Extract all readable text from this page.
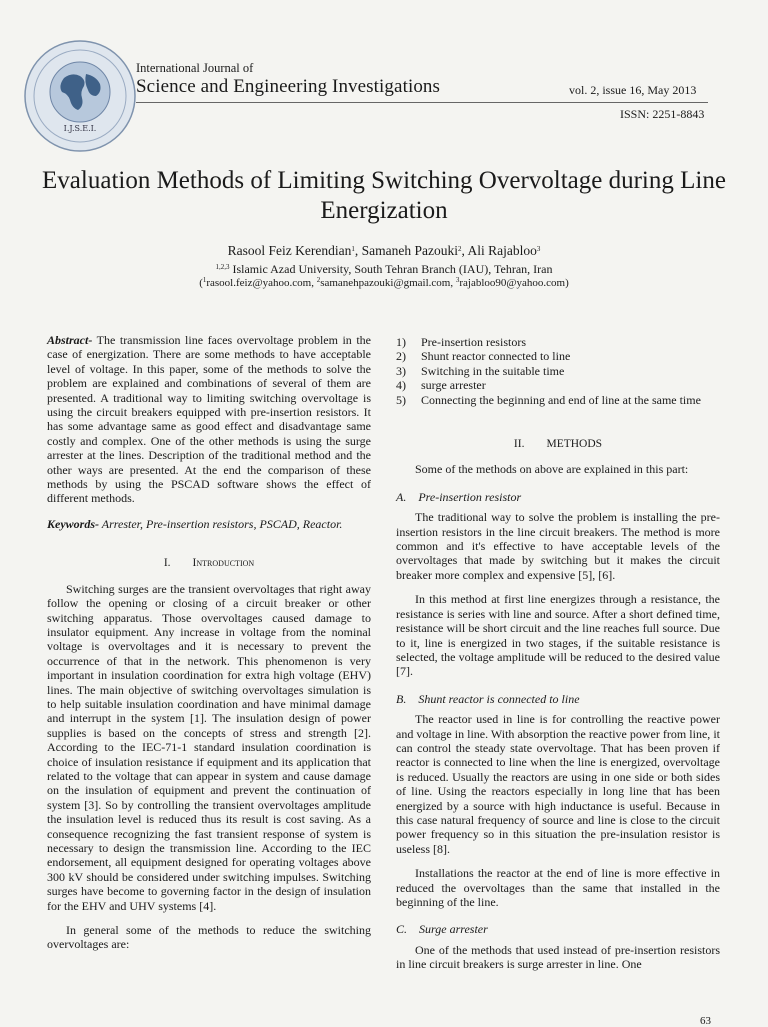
I.J.S.E.I.
International Journal of
Science and Engineering Investigations	vol. 2, issue 16, May 2013
ISSN: 2251-8843
Evaluation Methods of Limiting Switching Overvoltage during Line Energization
Rasool Feiz Kerendian$^1$, Samaneh Pazouki$^2$, Ali Rajabloo$^3$
$^{1,2,3}$ Islamic Azad University, South Tehran Branch (IAU), Tehran, Iran
($^1$rasool.feiz@yahoo.com, $^2$samanehpazouki@gmail.com, $^3$rajabloo90@yahoo.com)

Abstract- The transmission line faces overvoltage problem in the case of energization. There are some methods to have acceptable level of voltage. In this paper, some of the methods to solve the problem are explained and combinations of several of them are presented. A traditional way to limiting switching overvoltage is using the circuit breakers equipped with pre-insertion resistors. It has some advantage same as good effect and disadvantage same costly and complex. One of the other methods is using the surge arrester at the lines. Description of the traditional method and the other ways are presented. At the end the comparison of these methods by using the PSCAD software shows the effect of different methods.

Keywords- Arrester, Pre-insertion resistors, PSCAD, Reactor.

I. Introduction

Switching surges are the transient overvoltages that right away follow the opening or closing of a circuit breaker or other switching apparatus. Those overvoltages caused damage to insulator equipment. Any increase in voltage from the nominal voltage is overvoltages and it is necessary to prevent the occurrence of that in the network. This phenomenon is very important in insulation coordination for extra high voltage (EHV) lines. The main objective of switching overvoltages simulation is to help suitable insulation coordination and have minimal damage and interrupt in the system [1]. The insulation design of power supplies is based on the concepts of stress and strength [2]. According to the IEC-71-1 standard insulation coordination is choice of insulation resistance if equipment and its application that related to the voltage that can appear in system and cause damage on the insulation of equipment and prevent the continuation of system [3]. So by controlling the transient overvoltages amplitude the insulation level is reduced thus its result is cost saving. As a consequence recognizing the fast transient response of system is necessary to design the transmission line. According to the IEC endorsement, all equipment designed for operating voltages above 300 kV should be considered under switching impulses. Switching surges have become to governing factor in the design of insulation for the EHV and UHV systems [4].

In general some of the methods to reduce the switching overvoltages are:

1)	Pre-insertion resistors
2)	Shunt reactor connected to line
3)	Switching in the suitable time
4)	surge arrester
5)	Connecting the beginning and end of line at the same time
II. METHODS

Some of the methods on above are explained in this part:

A. Pre-insertion resistor

The traditional way to solve the problem is installing the pre-insertion resistors in the line circuit breakers. The method is more common and it's effective to have acceptable levels of the overvoltages that made by switching but it makes the circuit breaker more complex and expensive [5], [6].

In this method at first line energizes through a resistance, the resistance is series with line and source. After a short defined time, resistance will be short circuit and the line reaches full source. Due to it, line is energized in two stages, if the suitable resistance is selected, the voltage amplitude will be reduced to the desired value [7].

B. Shunt reactor is connected to line

The reactor used in line is for controlling the reactive power and voltage in line. With absorption the reactive power from line, it can control the steady state overvoltage. That has been proven if reactor is connected to line when the line is energized, overvoltage is reduced. Usually the reactors are using in one side or both sides of line. Using the reactors especially in long line that has been energized by a source with high inductance is useful. Because in this case natural frequency of source and line is close to the circuit power frequency so in this situation the pre-insulation resistor is useless [8].

Installations the reactor at the end of line is more effective in reduced the overvoltages than the same that installed in the beginning of the line.

C. Surge arrester

One of the methods that used instead of pre-insertion resistors in line circuit breakers is surge arrester in line. One

63
